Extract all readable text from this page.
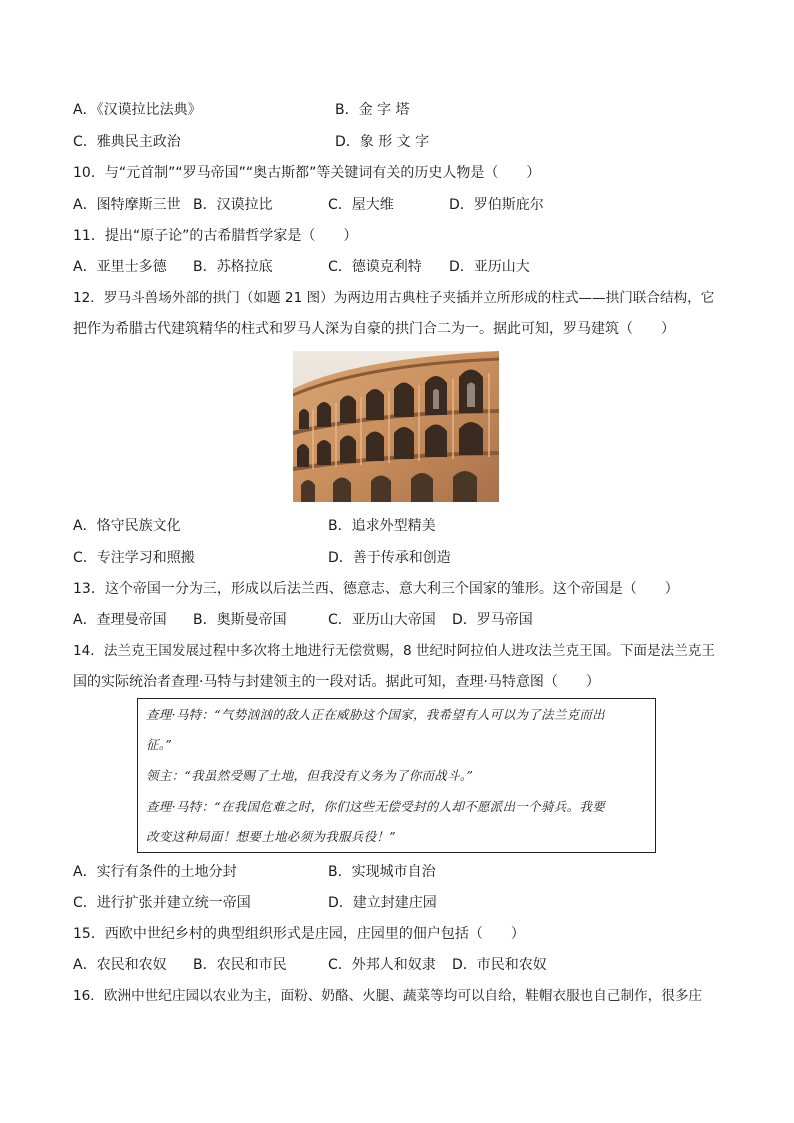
A．《汉谟拉比法典》	B．金 字 塔
C．雅典民主政治	D．象 形 文 字
10．与“元首制”“罗马帝国”“奥古斯都”等关键词有关的历史人物是（　　）
A．图特摩斯三世 B．汉谟拉比	C．屋大维	D．罗伯斯庇尔
11．提出“原子论”的古希腊哲学家是（　　）
A．亚里士多德 B．苏格拉底	C．德谟克利特 D．亚历山大
12．罗马斗兽场外部的拱门（如题 21 图）为两边用古典柱子夹插并立所形成的柱式——拱门联合结构，它
把作为希腊古代建筑精华的柱式和罗马人深为自豪的拱门合二为一。据此可知，罗马建筑（　　）
A．恪守民族文化	B．追求外型精美
C．专注学习和照搬	D．善于传承和创造
13．这个帝国一分为三，形成以后法兰西、德意志、意大利三个国家的雏形。这个帝国是（　　）
A．查理曼帝国 B．奥斯曼帝国	C．亚历山大帝国 D．罗马帝国
14．法兰克王国发展过程中多次将土地进行无偿赏赐，8 世纪时阿拉伯人进攻法兰克王国。下面是法兰克王
国的实际统治者查理·马特与封建领主的一段对话。据此可知，查理·马特意图（　　）
查理·马特：“气势汹汹的敌人正在威胁这个国家，我希望有人可以为了法兰克而出
征。”
领主：“我虽然受赐了土地，但我没有义务为了你而战斗。”
查理·马特：“在我国危难之时，你们这些无偿受封的人却不愿派出一个骑兵。我要
改变这种局面！想要土地必须为我服兵役！”
A．实行有条件的土地分封	B．实现城市自治
C．进行扩张并建立统一帝国	D．建立封建庄园
15．西欧中世纪乡村的典型组织形式是庄园，庄园里的佃户包括（　　）
A．农民和农奴 B．农民和市民	C．外邦人和奴隶 D．市民和农奴
16．欧洲中世纪庄园以农业为主，面粉、奶酪、火腿、蔬菜等均可以自给，鞋帽衣服也自己制作，很多庄
